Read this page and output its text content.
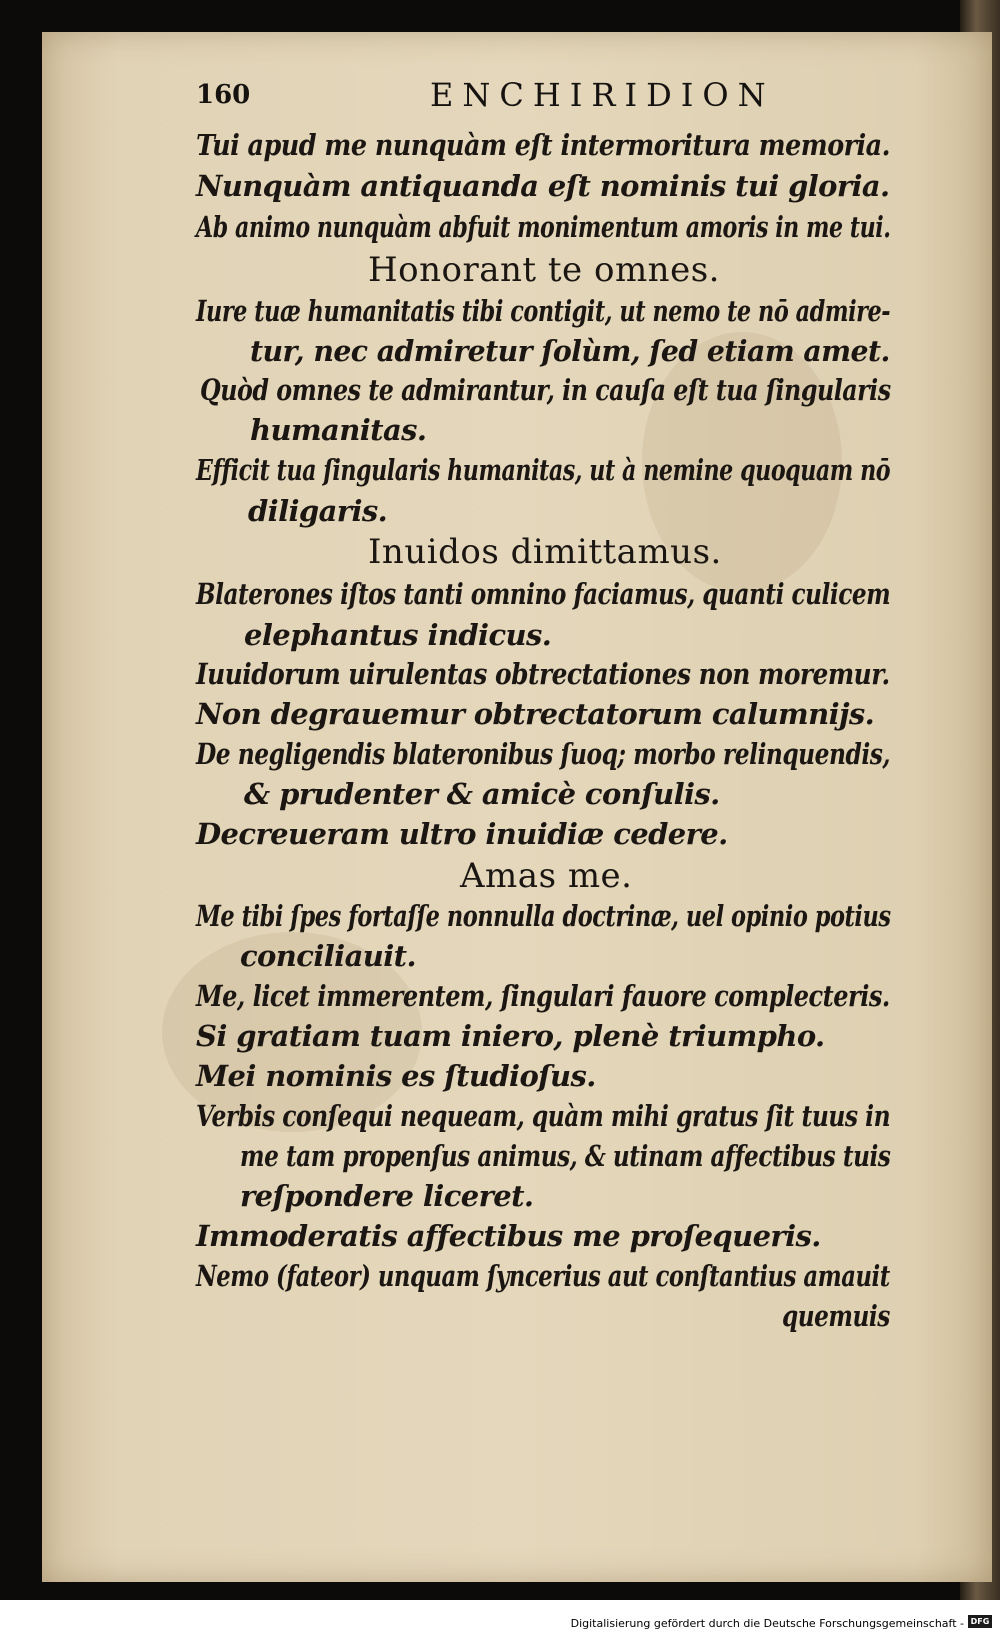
160	ENCHIRIDION
Tui apud me nunquàm eſt intermoritura memoria.
Nunquàm antiquanda eſt nominis tui gloria.
Ab animo nunquàm abfuit monimentum amoris in me tui.
Honorant te omnes.
Iure tuæ humanitatis tibi contigit, ut nemo te nō admire-
tur, nec admiretur ſolùm, ſed etiam amet.
Quòd omnes te admirantur, in cauſa eſt tua ſingularis
humanitas.
Efficit tua ſingularis humanitas, ut à nemine quoquam nō
diligaris.
Inuidos dimittamus.
Blaterones iſtos tanti omnino faciamus, quanti culicem
elephantus indicus.
Iuuidorum uirulentas obtrectationes non moremur.
Non degrauemur obtrectatorum calumnijs.
De negligendis blateronibus ſuoq; morbo relinquendis,
& prudenter & amicè conſulis.
Decreueram ultro inuidiæ cedere.
Amas me.
Me tibi ſpes fortaſſe nonnulla doctrinæ, uel opinio potius
conciliauit.
Me, licet immerentem, ſingulari fauore complecteris.
Si gratiam tuam iniero, plenè triumpho.
Mei nominis es ſtudioſus.
Verbis conſequi nequeam, quàm mihi gratus ſit tuus in
me tam propenſus animus, & utinam affectibus tuis
reſpondere liceret.
Immoderatis affectibus me proſequeris.
Nemo (fateor) unquam ſyncerius aut conſtantius amauit
quemuis
Digitalisierung gefördert durch die Deutsche Forschungsgemeinschaft - DFG
